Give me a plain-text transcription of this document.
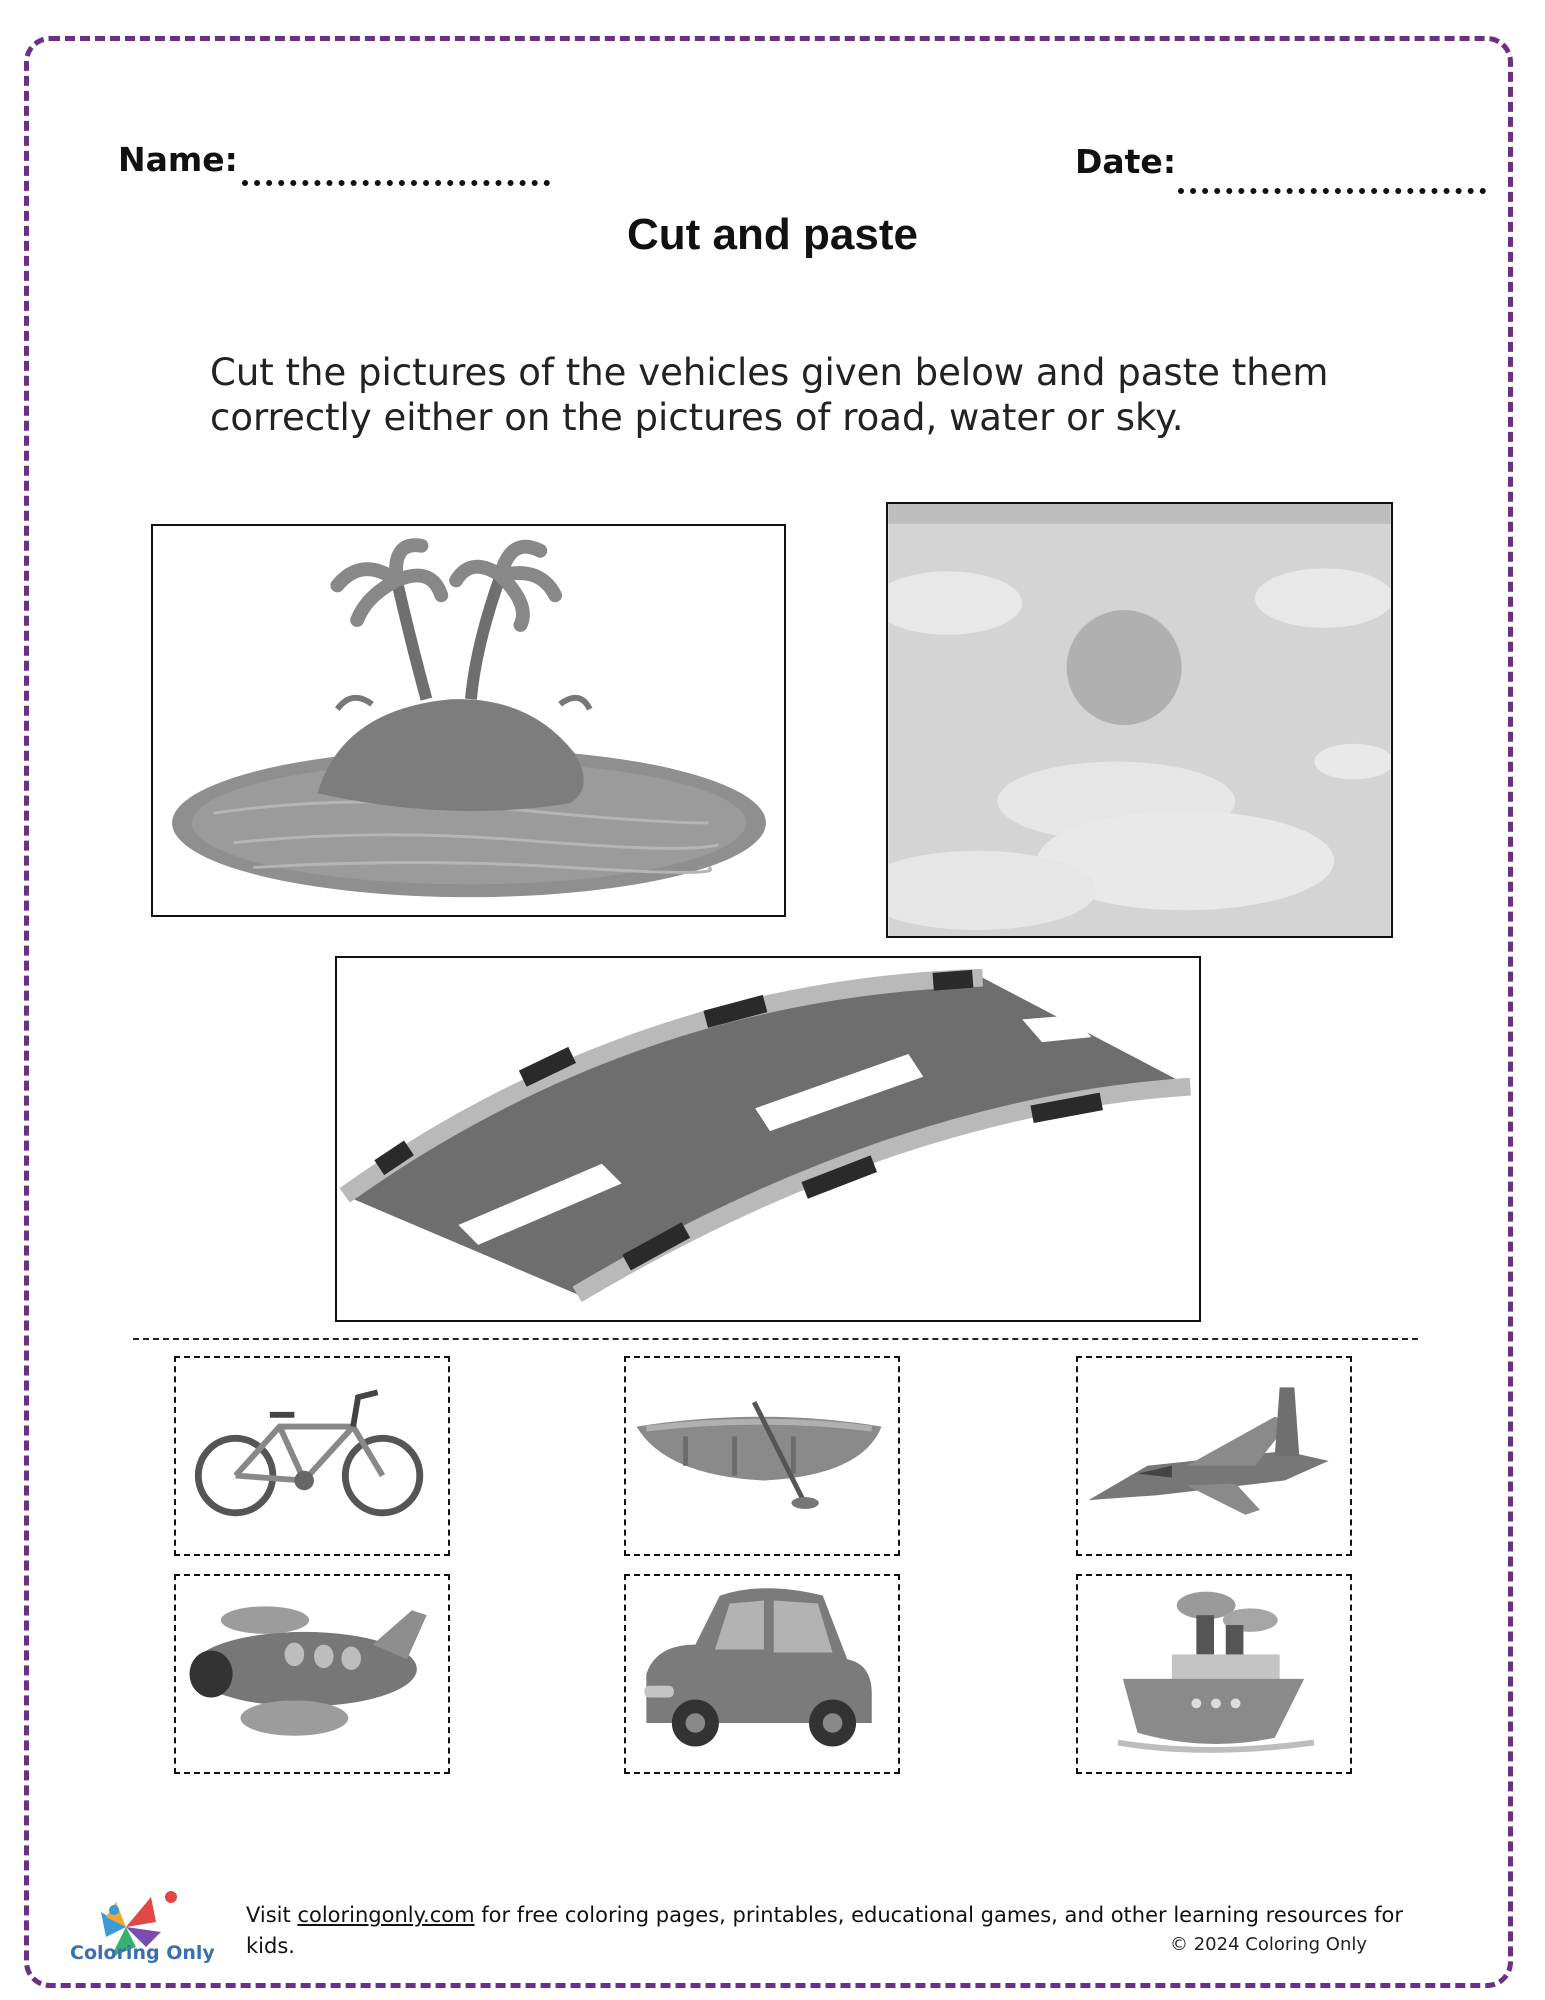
Name:	Date:
Cut and paste
Cut the pictures of the vehicles given below and paste them correctly either on the pictures of road, water or sky.
Coloring Only
Visit coloringonly.com for free coloring pages, printables, educational games, and other learning resources for kids.	© 2024 Coloring Only
